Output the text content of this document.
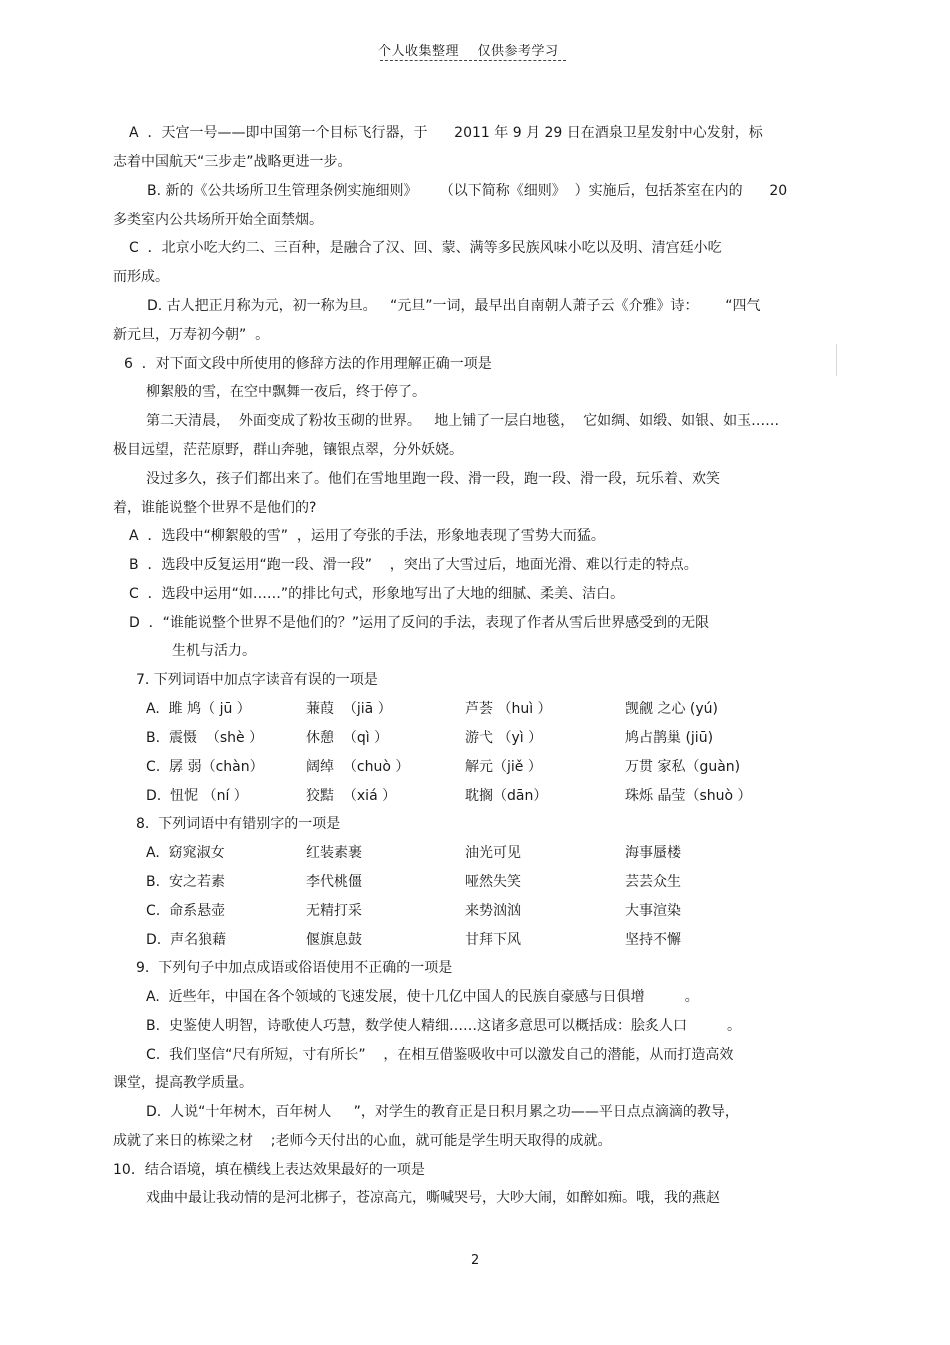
个人收集整理    仅供参考学习
A  ．天宫一号——即中国第一个目标飞行器，于      2011 年 9 月 29 日在酒泉卫星发射中心发射，标
志着中国航天“三步走”战略更进一步。
B. 新的《公共场所卫生管理条例实施细则》     （以下简称《细则》  ）实施后，包括茶室在内的      20
多类室内公共场所开始全面禁烟。
C  ．北京小吃大约二、三百种，是融合了汉、回、蒙、满等多民族风味小吃以及明、清宫廷小吃
而形成。
D. 古人把正月称为元，初一称为旦。   “元旦”一词，最早出自南朝人萧子云《介雅》诗：      “四气
新元旦，万寿初今朝”  。
6  ．对下面文段中所使用的修辞方法的作用理解正确一项是
柳絮般的雪，在空中飘舞一夜后，终于停了。
第二天清晨，  外面变成了粉妆玉砌的世界。   地上铺了一层白地毯，  它如绸、如缎、如银、如玉……
极目远望，茫茫原野，群山奔驰，镶银点翠，分外妖娆。
没过多久，孩子们都出来了。他们在雪地里跑一段、滑一段，跑一段、滑一段，玩乐着、欢笑
着，谁能说整个世界不是他们的?
A  ．选段中“柳絮般的雪”  ，运用了夸张的手法，形象地表现了雪势大而猛。
B  ．选段中反复运用“跑一段、滑一段”    ，突出了大雪过后，地面光滑、难以行走的特点。
C  ．选段中运用“如……”的排比句式，形象地写出了大地的细腻、柔美、洁白。
D  ．“谁能说整个世界不是他们的？”运用了反问的手法，表现了作者从雪后世界感受到的无限
生机与活力。
7. 下列词语中加点字读音有误的一项是
A.  雎 鸠（ jū ）	蒹葭  （jiā ）	芦荟 （huì ）	觊觎 之心 (yú)
B.  震慑  （shè ）	休憩  （qì ）	游弋 （yì ）	鸠占鹊巢 (jiū)
C.  孱 弱（chàn）	阔绰  （chuò ）	解元（jiě ）	万贯 家私（guàn)
D.  忸怩 （ní ）	狡黠  （xiá ）	耽搁（dān）	珠烁 晶莹（shuò ）
8.  下列词语中有错别字的一项是
A.  窈窕淑女	红装素裹	油光可见	海事蜃楼
B.  安之若素	李代桃僵	哑然失笑	芸芸众生
C.  命系悬壶	无精打采	来势汹汹	大事渲染
D.  声名狼藉	偃旗息鼓	甘拜下风	坚持不懈
9.  下列句子中加点成语或俗语使用不正确的一项是
A.  近些年，中国在各个领域的飞速发展，使十几亿中国人的民族自豪感与日俱增         。
B.  史鉴使人明智，诗歌使人巧慧，数学使人精细……这诸多意思可以概括成：脍炙人口         。
C.  我们坚信“尺有所短，寸有所长”    ，在相互借鉴吸收中可以激发自己的潜能，从而打造高效
课堂，提高教学质量。
D.  人说“十年树木，百年树人     ”，对学生的教育正是日积月累之功——平日点点滴滴的教导，
成就了来日的栋梁之材    ;老师今天付出的心血，就可能是学生明天取得的成就。
10．结合语境，填在横线上表达效果最好的一项是
戏曲中最让我动情的是河北梆子，苍凉高亢，嘶喊哭号，大吵大闹，如醉如痴。哦，我的燕赵
2
